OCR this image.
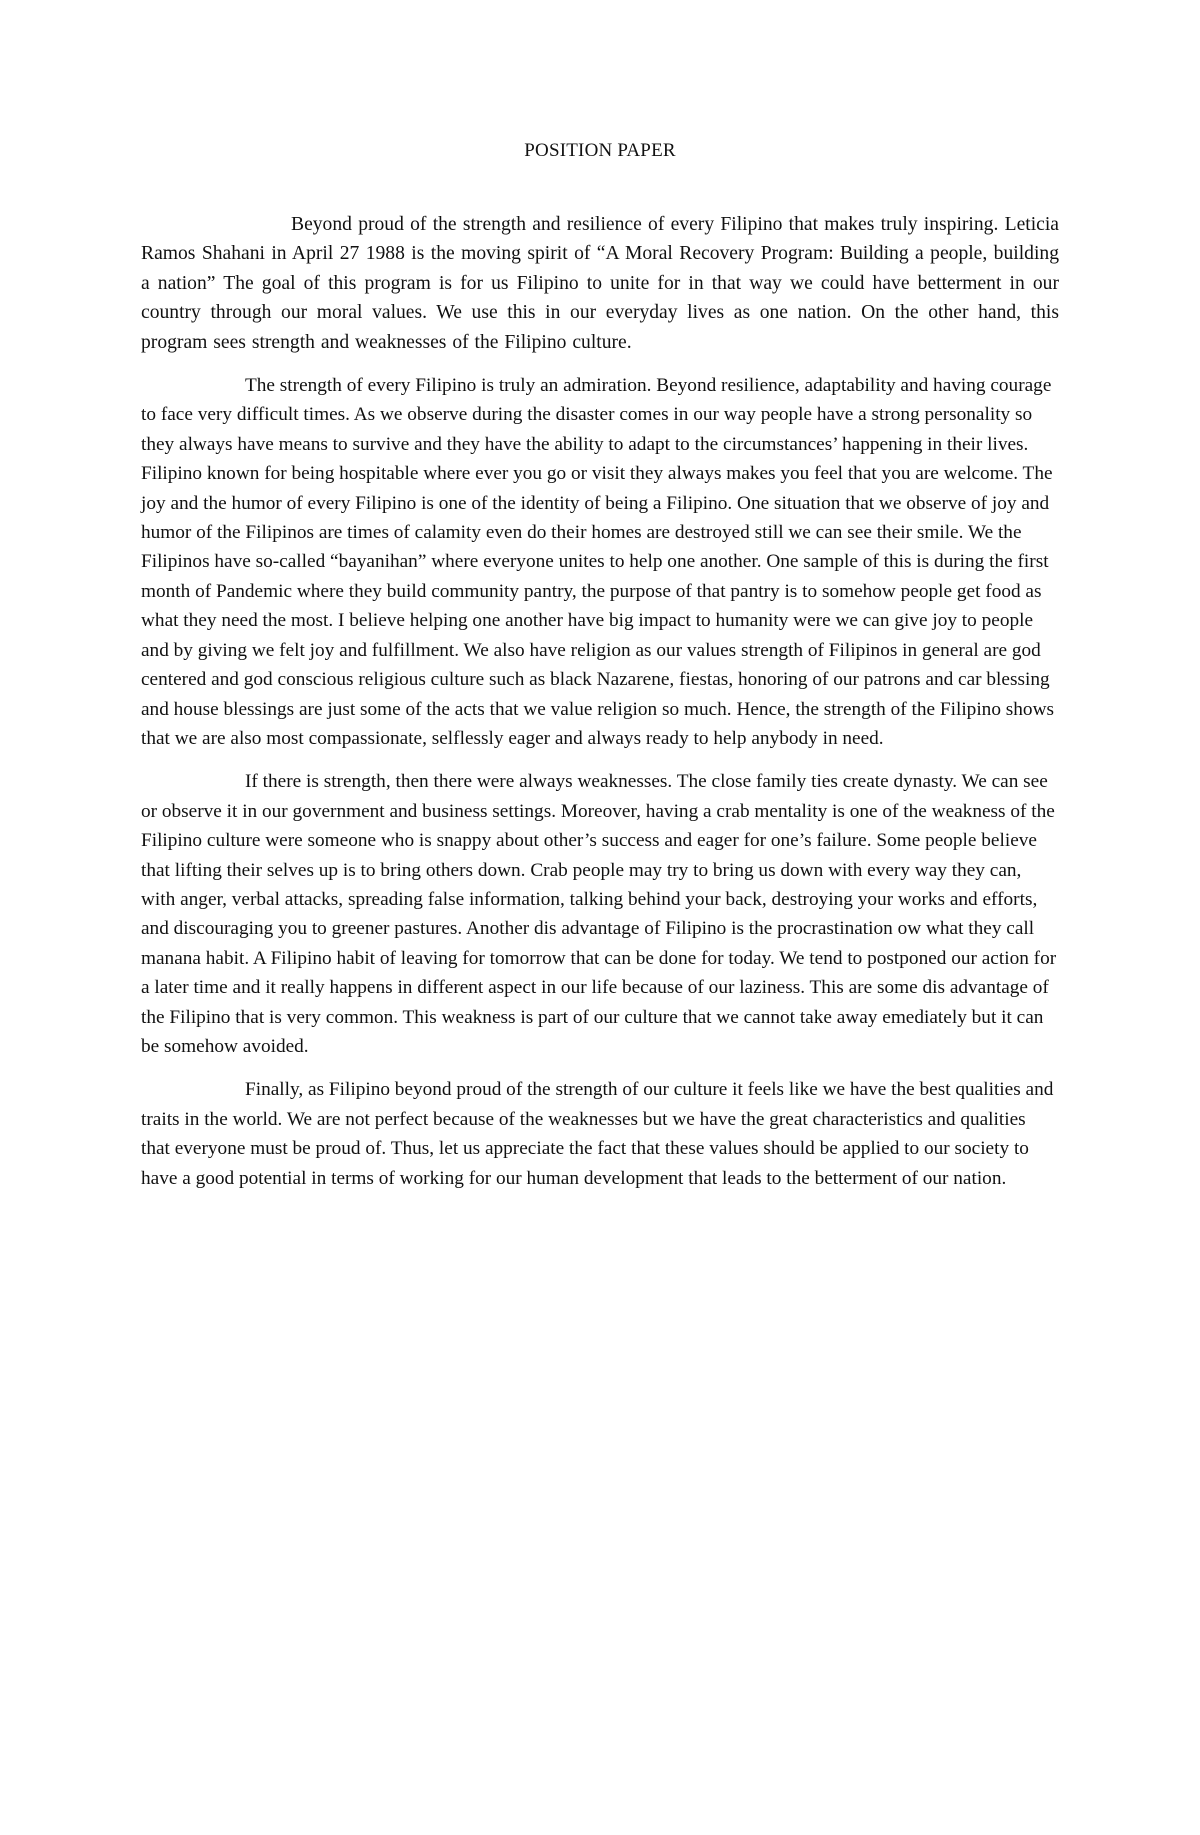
POSITION PAPER

Beyond proud of the strength and resilience of every Filipino that makes truly inspiring. Leticia Ramos Shahani in April 27 1988 is the moving spirit of “A Moral Recovery Program: Building a people, building a nation” The goal of this program is for us Filipino to unite for in that way we could have betterment in our country through our moral values. We use this in our everyday lives as one nation. On the other hand, this program sees strength and weaknesses of the Filipino culture.

The strength of every Filipino is truly an admiration. Beyond resilience, adaptability and having courage to face very difficult times. As we observe during the disaster comes in our way people have a strong personality so they always have means to survive and they have the ability to adapt to the circumstances’ happening in their lives. Filipino known for being hospitable where ever you go or visit they always makes you feel that you are welcome. The joy and the humor of every Filipino is one of the identity of being a Filipino. One situation that we observe of joy and humor of the Filipinos are times of calamity even do their homes are destroyed still we can see their smile. We the Filipinos have so-called “bayanihan” where everyone unites to help one another. One sample of this is during the first month of Pandemic where they build community pantry, the purpose of that pantry is to somehow people get food as what they need the most. I believe helping one another have big impact to humanity were we can give joy to people and by giving we felt joy and fulfillment. We also have religion as our values strength of Filipinos in general are god centered and god conscious religious culture such as black Nazarene, fiestas, honoring of our patrons and car blessing and house blessings are just some of the acts that we value religion so much. Hence, the strength of the Filipino shows that we are also most compassionate, selflessly eager and always ready to help anybody in need.

If there is strength, then there were always weaknesses. The close family ties create dynasty. We can see or observe it in our government and business settings. Moreover, having a crab mentality is one of the weakness of the Filipino culture were someone who is snappy about other’s success and eager for one’s failure. Some people believe that lifting their selves up is to bring others down. Crab people may try to bring us down with every way they can, with anger, verbal attacks, spreading false information, talking behind your back, destroying your works and efforts, and discouraging you to greener pastures. Another dis advantage of Filipino is the procrastination ow what they call manana habit. A Filipino habit of leaving for tomorrow that can be done for today. We tend to postponed our action for a later time and it really happens in different aspect in our life because of our laziness. This are some dis advantage of the Filipino that is very common. This weakness is part of our culture that we cannot take away emediately but it can be somehow avoided.

Finally, as Filipino beyond proud of the strength of our culture it feels like we have the best qualities and traits in the world. We are not perfect because of the weaknesses but we have the great characteristics and qualities that everyone must be proud of. Thus, let us appreciate the fact that these values should be applied to our society to have a good potential in terms of working for our human development that leads to the betterment of our nation.
